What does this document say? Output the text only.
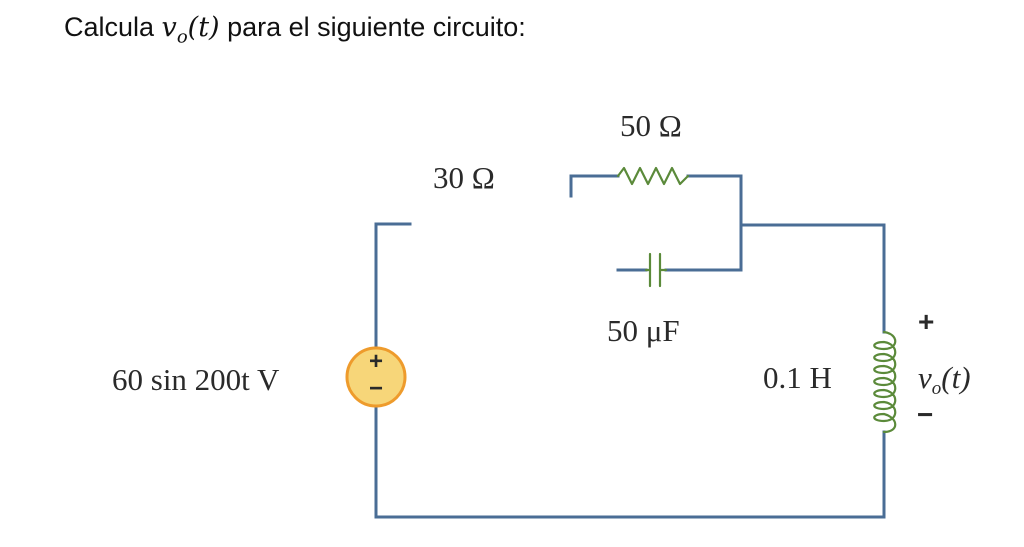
Calcula $v_o(t)$ para el siguiente circuito:
+
−
30 Ω
50 Ω
50 μF
60 sin 200t V	0.1 H
+
vo(t)
−
